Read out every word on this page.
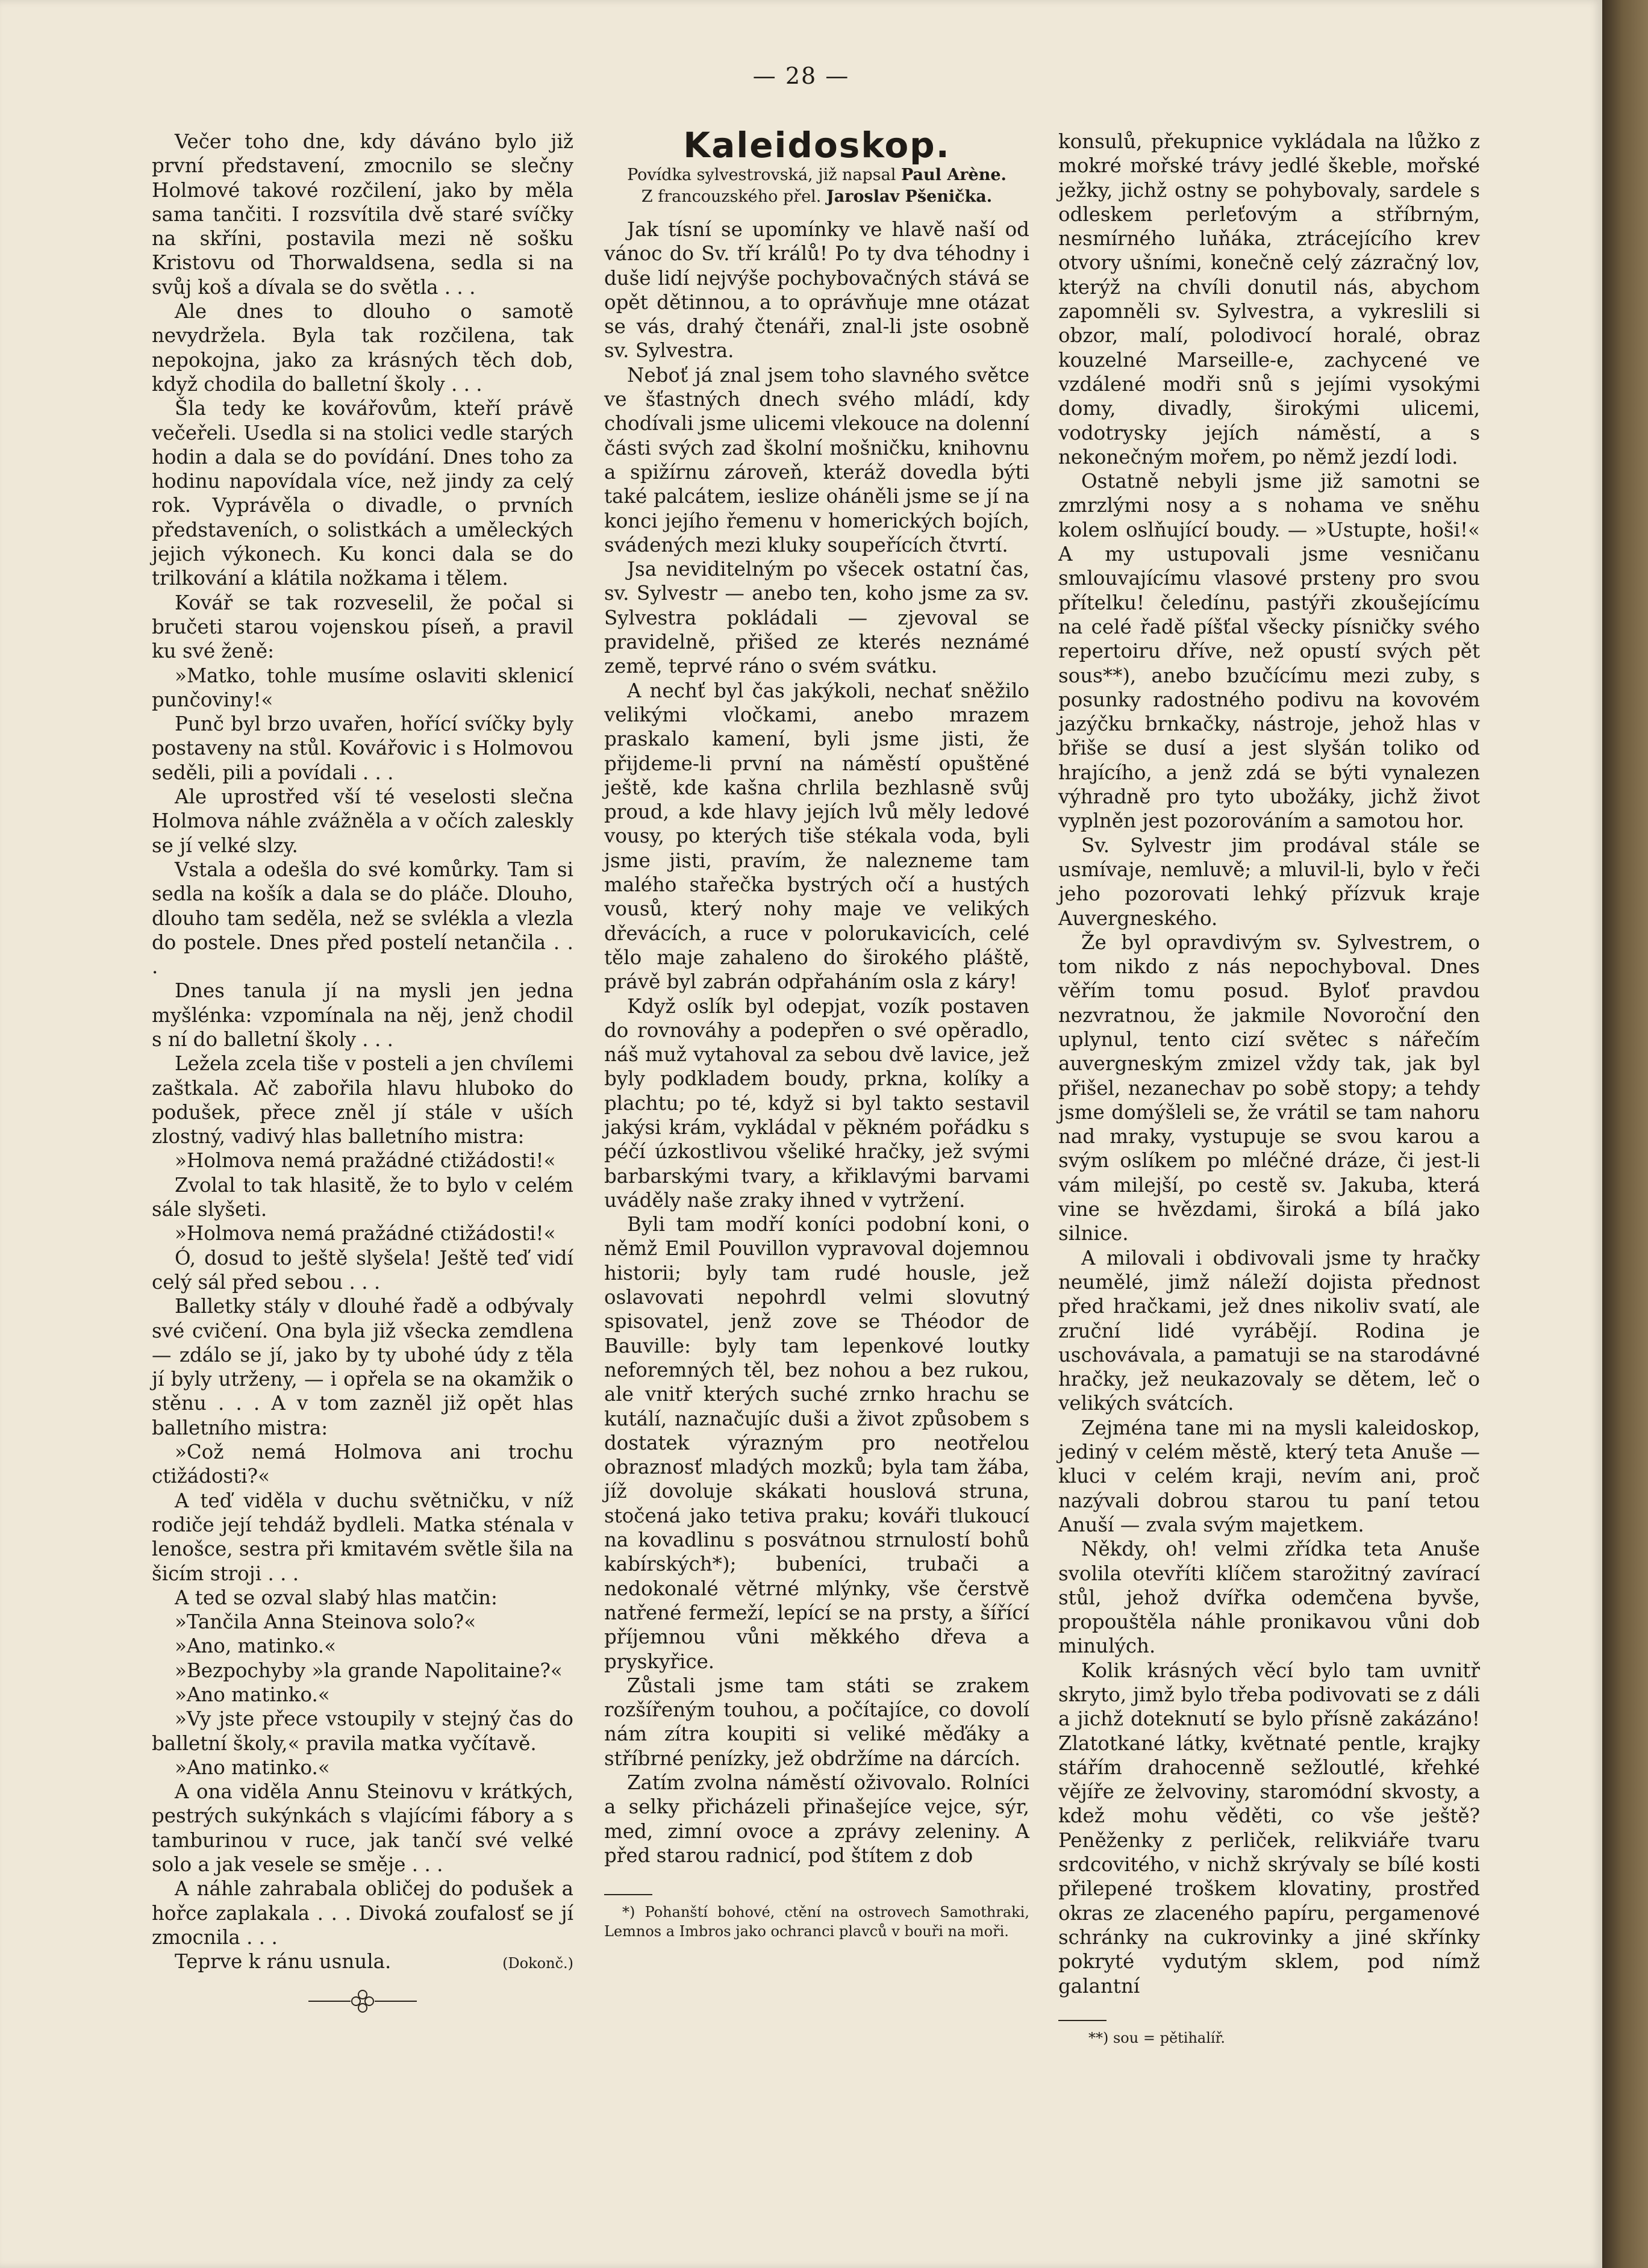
— 28 —

Večer toho dne, kdy dáváno bylo již první představení, zmocnilo se slečny Holmové takové rozčilení, jako by měla sama tančiti. I rozsvítila dvě staré svíčky na skříni, postavila mezi ně sošku Kristovu od Thorwaldsena, sedla si na svůj koš a dívala se do světla . . .

Ale dnes to dlouho o samotě nevydržela. Byla tak rozčilena, tak nepokojna, jako za krásných těch dob, když chodila do balletní školy . . .

Šla tedy ke kovářovům, kteří právě večeřeli. Usedla si na stolici vedle starých hodin a dala se do povídání. Dnes toho za hodinu napovídala více, než jindy za celý rok. Vyprávěla o divadle, o prvních představeních, o solistkách a uměleckých jejich výkonech. Ku konci dala se do trilkování a klátila nožkama i tělem.

Kovář se tak rozveselil, že počal si bručeti starou vojenskou píseň, a pravil ku své ženě:

»Matko, tohle musíme oslaviti sklenicí punčoviny!«

Punč byl brzo uvařen, hořící svíčky byly postaveny na stůl. Kovářovic i s Holmovou seděli, pili a povídali . . .

Ale uprostřed vší té veselosti slečna Holmova náhle zvážněla a v očích zaleskly se jí velké slzy.

Vstala a odešla do své komůrky. Tam si sedla na košík a dala se do pláče. Dlouho, dlouho tam seděla, než se svlékla a vlezla do postele. Dnes před postelí netančila . . .

Dnes tanula jí na mysli jen jedna myšlénka: vzpomínala na něj, jenž chodil s ní do balletní školy . . .

Ležela zcela tiše v posteli a jen chvílemi zaštkala. Ač zabořila hlavu hluboko do podušek, přece zněl jí stále v uších zlostný, vadivý hlas balletního mistra:

»Holmova nemá pražádné ctižádosti!«

Zvolal to tak hlasitě, že to bylo v celém sále slyšeti.

»Holmova nemá pražádné ctižádosti!«

Ó, dosud to ještě slyšela! Ještě teď vidí celý sál před sebou . . .

Balletky stály v dlouhé řadě a odbývaly své cvičení. Ona byla již všecka zemdlena — zdálo se jí, jako by ty ubohé údy z těla jí byly utrženy, — i opřela se na okamžik o stěnu . . . A v tom zazněl již opět hlas balletního mistra:

»Což nemá Holmova ani trochu ctižádosti?«

A teď viděla v duchu světničku, v níž rodiče její tehdáž bydleli. Matka sténala v lenošce, sestra při kmitavém světle šila na šicím stroji . . .

A ted se ozval slabý hlas matčin:

»Tančila Anna Steinova solo?«

»Ano, matinko.«

»Bezpochyby »la grande Napolitaine?«

»Ano matinko.«

»Vy jste přece vstoupily v stejný čas do balletní školy,« pravila matka vyčítavě.

»Ano matinko.«

A ona viděla Annu Steinovu v krátkých, pestrých sukýnkách s vlajícími fábory a s tamburinou v ruce, jak tančí své velké solo a jak vesele se směje . . .

A náhle zahrabala obličej do podušek a hořce zaplakala . . . Divoká zoufalosť se jí zmocnila . . .

Teprve k ránu usnula.	(Dokonč.)
Kaleidoskop.
Povídka sylvestrovská, již napsal Paul Arène.
Z francouzského přel. Jaroslav Pšenička.

Jak tísní se upomínky ve hlavě naší od vánoc do Sv. tří králů! Po ty dva téhodny i duše lidí nejvýše pochybovačných stává se opět dětinnou, a to oprávňuje mne otázat se vás, drahý čtenáři, znal-li jste osobně sv. Sylvestra.

Neboť já znal jsem toho slavného světce ve šťastných dnech svého mládí, kdy chodívali jsme ulicemi vlekouce na dolenní části svých zad školní mošničku, knihovnu a spižírnu zároveň, kteráž dovedla býti také palcátem, ieslize oháněli jsme se jí na konci jejího řemenu v homerických bojích, svádených mezi kluky soupeřících čtvrtí.

Jsa neviditelným po všecek ostatní čas, sv. Sylvestr — anebo ten, koho jsme za sv. Sylvestra pokládali — zjevoval se pravidelně, přišed ze kterés neznámé země, teprvé ráno o svém svátku.

A nechť byl čas jakýkoli, nechať sněžilo velikými vločkami, anebo mrazem praskalo kamení, byli jsme jisti, že přijdeme-li první na náměstí opuštěné ještě, kde kašna chrlila bezhlasně svůj proud, a kde hlavy jejích lvů měly ledové vousy, po kterých tiše stékala voda, byli jsme jisti, pravím, že nalezneme tam malého stařečka bystrých očí a hustých vousů, který nohy maje ve velikých dřevácích, a ruce v polorukavicích, celé tělo maje zahaleno do širokého pláště, právě byl zabrán odpřaháním osla z káry!

Když oslík byl odepjat, vozík postaven do rovnováhy a podepřen o své opěradlo, náš muž vytahoval za sebou dvě lavice, jež byly podkladem boudy, prkna, kolíky a plachtu; po té, když si byl takto sestavil jakýsi krám, vykládal v pěkném pořádku s péčí úzkostlivou všeliké hračky, jež svými barbarskými tvary, a křiklavými barvami uváděly naše zraky ihned v vytržení.

Byli tam modří koníci podobní koni, o němž Emil Pouvillon vypravoval dojemnou historii; byly tam rudé housle, jež oslavovati nepohrdl velmi slovutný spisovatel, jenž zove se Théodor de Bauville: byly tam lepenkové loutky neforemných těl, bez nohou a bez rukou, ale vnitř kterých suché zrnko hrachu se kutálí, naznačujíc duši a život způsobem s dostatek výrazným pro neotřelou obraznosť mladých mozků; byla tam žába, jíž dovoluje skákati houslová struna, stočená jako tetiva praku; kováři tlukoucí na kovadlinu s posvátnou strnulostí bohů kabírských*); bubeníci, trubači a nedokonalé větrné mlýnky, vše čerstvě natřené fermeží, lepící se na prsty, a šířící příjemnou vůni měkkého dřeva a pryskyřice.

Zůstali jsme tam státi se zrakem rozšířeným touhou, a počítajíce, co dovolí nám zítra koupiti si veliké měďáky a stříbrné penízky, jež obdržíme na dárcích.

Zatím zvolna náměstí oživovalo. Rolníci a selky přicházeli přinašejíce vejce, sýr, med, zimní ovoce a zprávy zeleniny. A před starou radnicí, pod štítem z dob

*) Pohanští bohové, ctění na ostrovech Samothraki, Lemnos a Imbros jako ochranci plavců v bouři na moři.

konsulů, překupnice vykládala na lůžko z mokré mořské trávy jedlé škeble, mořské ježky, jichž ostny se pohybovaly, sardele s odleskem perleťovým a stříbrným, nesmírného luňáka, ztrácejícího krev otvory ušními, konečně celý zázračný lov, kterýž na chvíli donutil nás, abychom zapomněli sv. Sylvestra, a vykreslili si obzor, malí, polodivocí horalé, obraz kouzelné Marseille-e, zachycené ve vzdálené modři snů s jejími vysokými domy, divadly, širokými ulicemi, vodotrysky jejích náměstí, a s nekonečným mořem, po němž jezdí lodi.

Ostatně nebyli jsme již samotni se zmrzlými nosy a s nohama ve sněhu kolem oslňující boudy. — »Ustupte, hoši!« A my ustupovali jsme vesničanu smlouvajícímu vlasové prsteny pro svou přítelku! čeledínu, pastýři zkoušejícímu na celé řadě píšťal všecky písničky svého repertoiru dříve, než opustí svých pět sous**), anebo bzučícímu mezi zuby, s posunky radostného podivu na kovovém jazýčku brnkačky, nástroje, jehož hlas v břiše se dusí a jest slyšán toliko od hrajícího, a jenž zdá se býti vynalezen výhradně pro tyto ubožáky, jichž život vyplněn jest pozorováním a samotou hor.

Sv. Sylvestr jim prodával stále se usmívaje, nemluvě; a mluvil-li, bylo v řeči jeho pozorovati lehký přízvuk kraje Auvergneského.

Že byl opravdivým sv. Sylvestrem, o tom nikdo z nás nepochyboval. Dnes věřím tomu posud. Byloť pravdou nezvratnou, že jakmile Novoroční den uplynul, tento cizí světec s nářečím auvergneským zmizel vždy tak, jak byl přišel, nezanechav po sobě stopy; a tehdy jsme domýšleli se, že vrátil se tam nahoru nad mraky, vystupuje se svou karou a svým oslíkem po mléčné dráze, či jest-li vám milejší, po cestě sv. Jakuba, která vine se hvězdami, široká a bílá jako silnice.

A milovali i obdivovali jsme ty hračky neumělé, jimž náleží dojista přednost před hračkami, jež dnes nikoliv svatí, ale zruční lidé vyrábějí. Rodina je uschovávala, a pamatuji se na starodávné hračky, jež neukazovaly se dětem, leč o velikých svátcích.

Zejména tane mi na mysli kaleidoskop, jediný v celém městě, který teta Anuše — kluci v celém kraji, nevím ani, proč nazývali dobrou starou tu paní tetou Anuší — zvala svým majetkem.

Někdy, oh! velmi zřídka teta Anuše svolila otevříti klíčem starožitný zavírací stůl, jehož dvířka odemčena byvše, propouštěla náhle pronikavou vůni dob minulých.

Kolik krásných věcí bylo tam uvnitř skryto, jimž bylo třeba podivovati se z dáli a jichž doteknutí se bylo přísně zakázáno! Zlatotkané látky, květnaté pentle, krajky stářím drahocenně sežloutlé, křehké vějíře ze želvoviny, staromódní skvosty, a kdež mohu věděti, co vše ještě? Peněženky z perliček, relikviáře tvaru srdcovitého, v nichž skrývaly se bílé kosti přilepené troškem klovatiny, prostřed okras ze zlaceného papíru, pergamenové schránky na cukrovinky a jiné skřínky pokryté vydutým sklem, pod nímž galantní

**) sou = pětihalíř.
